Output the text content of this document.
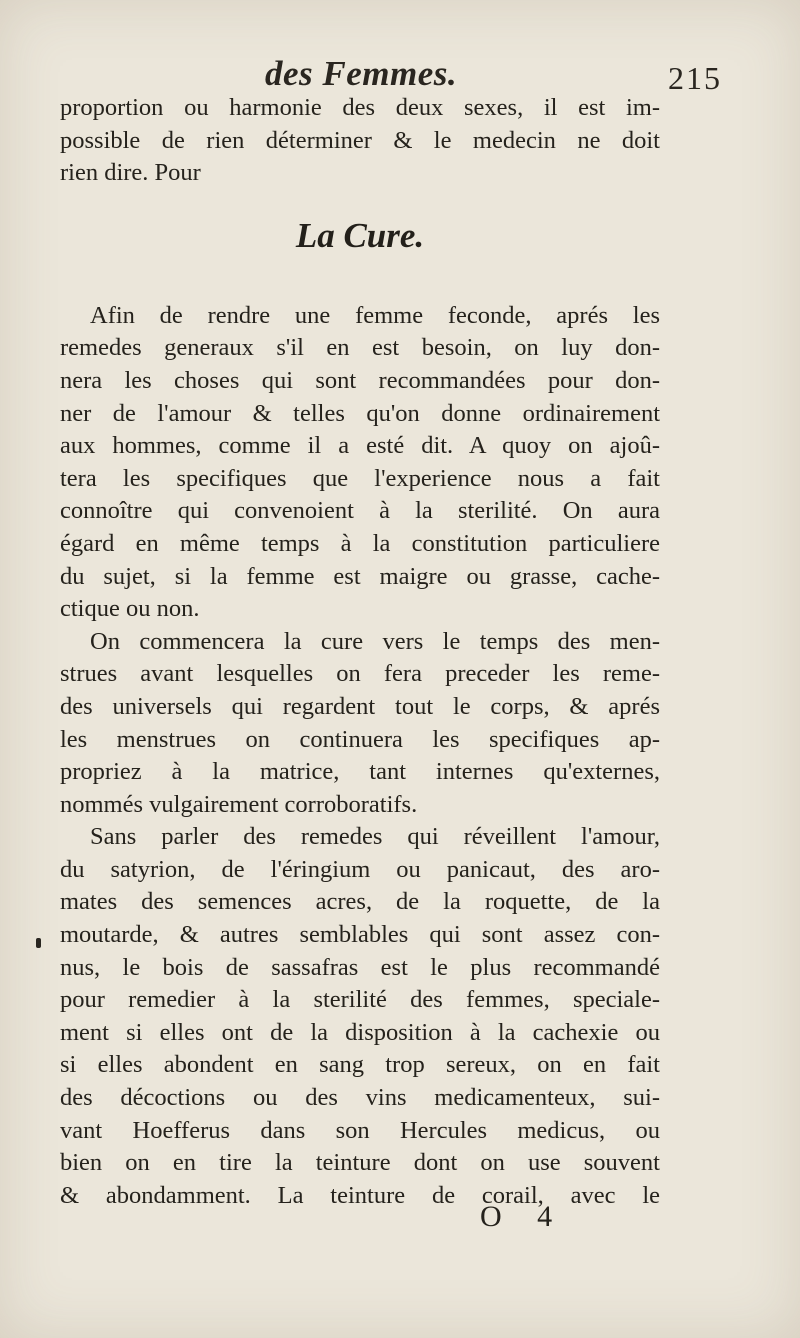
des Femmes.	215
proportion ou harmonie des deux sexes, il est im-
possible de rien déterminer & le medecin ne doit
rien dire. Pour
La Cure.
Afin de rendre une femme feconde, aprés les
remedes generaux s'il en est besoin, on luy don-
nera les choses qui sont recommandées pour don-
ner de l'amour & telles qu'on donne ordinairement
aux hommes, comme il a esté dit. A quoy on ajoû-
tera les specifiques que l'experience nous a fait
connoître qui convenoient à la sterilité. On aura
égard en même temps à la constitution particuliere
du sujet, si la femme est maigre ou grasse, cache-
ctique ou non.
On commencera la cure vers le temps des men-
strues avant lesquelles on fera preceder les reme-
des universels qui regardent tout le corps, & aprés
les menstrues on continuera les specifiques ap-
propriez à la matrice, tant internes qu'externes,
nommés vulgairement corroboratifs.
Sans parler des remedes qui réveillent l'amour,
du satyrion, de l'éringium ou panicaut, des aro-
mates des semences acres, de la roquette, de la
moutarde, & autres semblables qui sont assez con-
nus, le bois de sassafras est le plus recommandé
pour remedier à la sterilité des femmes, speciale-
ment si elles ont de la disposition à la cachexie ou
si elles abondent en sang trop sereux, on en fait
des décoctions ou des vins medicamenteux, sui-
vant Hoefferus dans son Hercules medicus, ou
bien on en tire la teinture dont on use souvent
& abondamment. La teinture de corail, avec le
O 4
